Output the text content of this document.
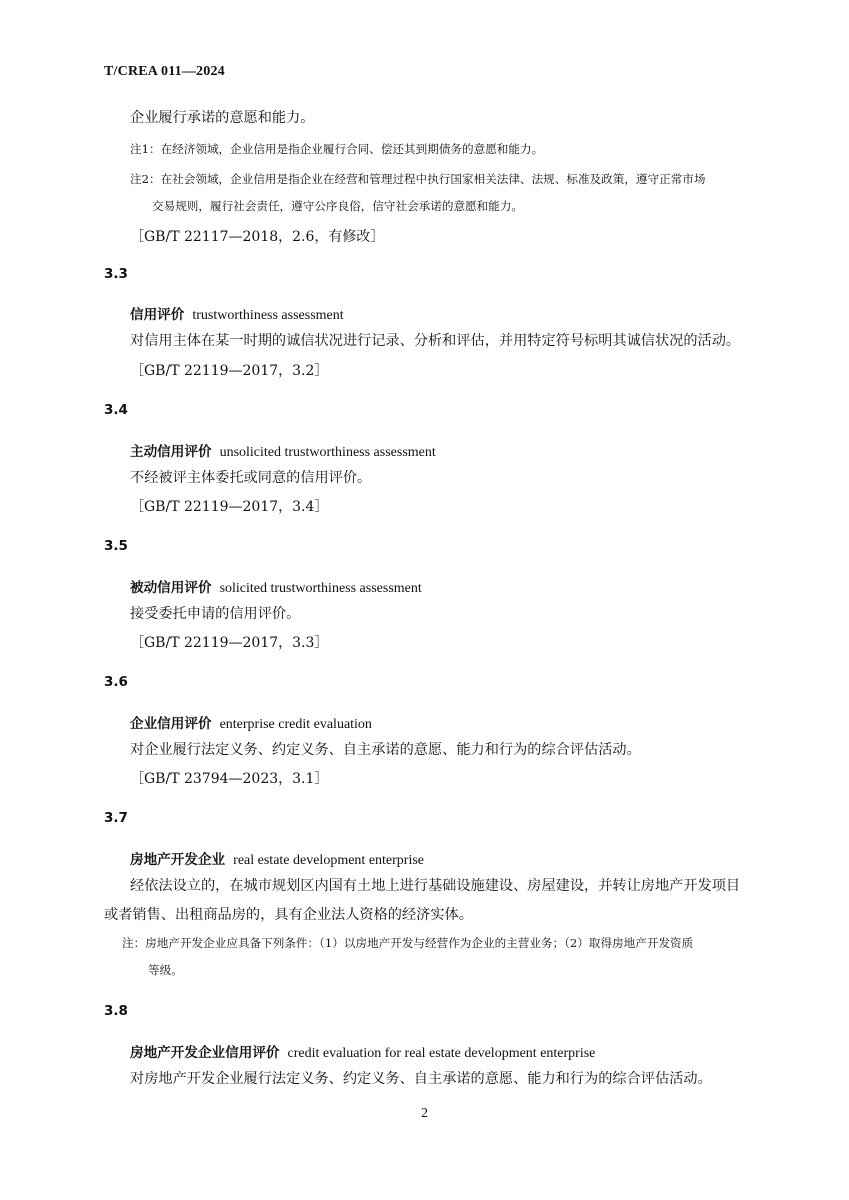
T/CREA 011—2024
企业履行承诺的意愿和能力。
注1：在经济领域，企业信用是指企业履行合同、偿还其到期债务的意愿和能力。
注2：在社会领域，企业信用是指企业在经营和管理过程中执行国家相关法律、法规、标准及政策，遵守正常市场
交易规则，履行社会责任，遵守公序良俗，信守社会承诺的意愿和能力。
［GB/T 22117—2018，2.6，有修改］
3.3
信用评价 trustworthiness assessment
对信用主体在某一时期的诚信状况进行记录、分析和评估，并用特定符号标明其诚信状况的活动。
［GB/T 22119—2017，3.2］
3.4
主动信用评价 unsolicited trustworthiness assessment
不经被评主体委托或同意的信用评价。
［GB/T 22119—2017，3.4］
3.5
被动信用评价 solicited trustworthiness assessment
接受委托申请的信用评价。
［GB/T 22119—2017，3.3］
3.6
企业信用评价 enterprise credit evaluation
对企业履行法定义务、约定义务、自主承诺的意愿、能力和行为的综合评估活动。
［GB/T 23794—2023，3.1］
3.7
房地产开发企业 real estate development enterprise
经依法设立的，在城市规划区内国有土地上进行基础设施建设、房屋建设，并转让房地产开发项目
或者销售、出租商品房的，具有企业法人资格的经济实体。
注：房地产开发企业应具备下列条件：（1）以房地产开发与经营作为企业的主营业务；（2）取得房地产开发资质
等级。
3.8
房地产开发企业信用评价 credit evaluation for real estate development enterprise
对房地产开发企业履行法定义务、约定义务、自主承诺的意愿、能力和行为的综合评估活动。
2
